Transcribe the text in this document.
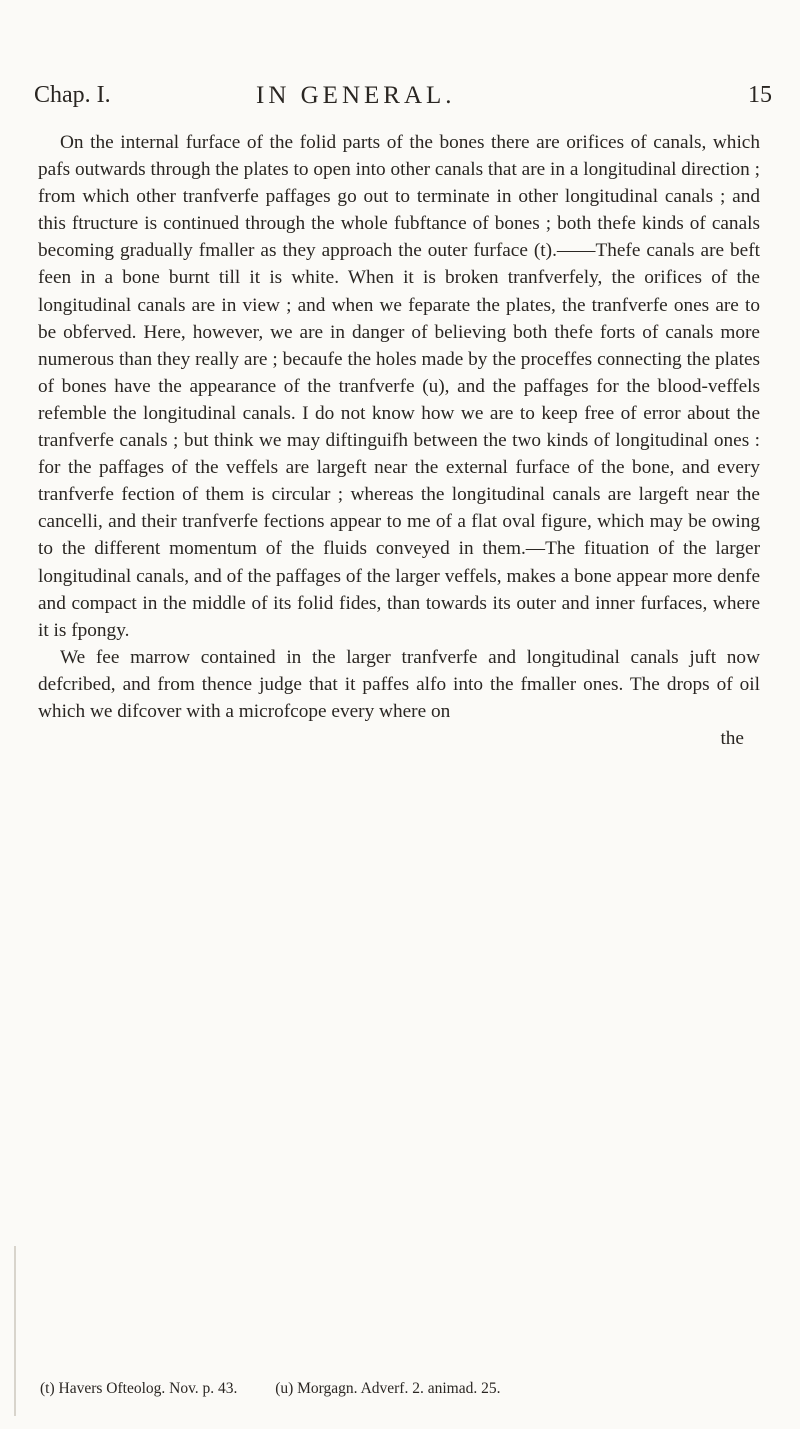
Chap. I.	IN GENERAL.	15

On the internal furface of the folid parts of the bones there are orifices of canals, which pafs outwards through the plates to open into other canals that are in a longitudinal direction ; from which other tranfverfe paffages go out to terminate in other longitudinal canals ; and this ftructure is continued through the whole fubftance of bones ; both thefe kinds of canals becoming gradually fmaller as they approach the outer furface (t).——Thefe canals are beft feen in a bone burnt till it is white. When it is broken tranfverfely, the orifices of the longitudinal canals are in view ; and when we feparate the plates, the tranfverfe ones are to be obferved. Here, however, we are in danger of believing both thefe forts of canals more numerous than they really are ; becaufe the holes made by the proceffes connecting the plates of bones have the appearance of the tranfverfe (u), and the paffages for the blood-veffels refemble the longitudinal canals. I do not know how we are to keep free of error about the tranfverfe canals ; but think we may diftinguifh between the two kinds of longitudinal ones : for the paffages of the veffels are largeft near the external furface of the bone, and every tranfverfe fection of them is circular ; whereas the longitudinal canals are largeft near the cancelli, and their tranfverfe fections appear to me of a flat oval figure, which may be owing to the different momentum of the fluids conveyed in them.—The fituation of the larger longitudinal canals, and of the paffages of the larger veffels, makes a bone appear more denfe and compact in the middle of its folid fides, than towards its outer and inner furfaces, where it is fpongy.

We fee marrow contained in the larger tranfverfe and longitudinal canals juft now defcribed, and from thence judge that it paffes alfo into the fmaller ones. The drops of oil which we difcover with a microfcope every where on

the

(t) Havers Ofteolog. Nov. p. 43. (u) Morgagn. Adverf. 2. animad. 25.
